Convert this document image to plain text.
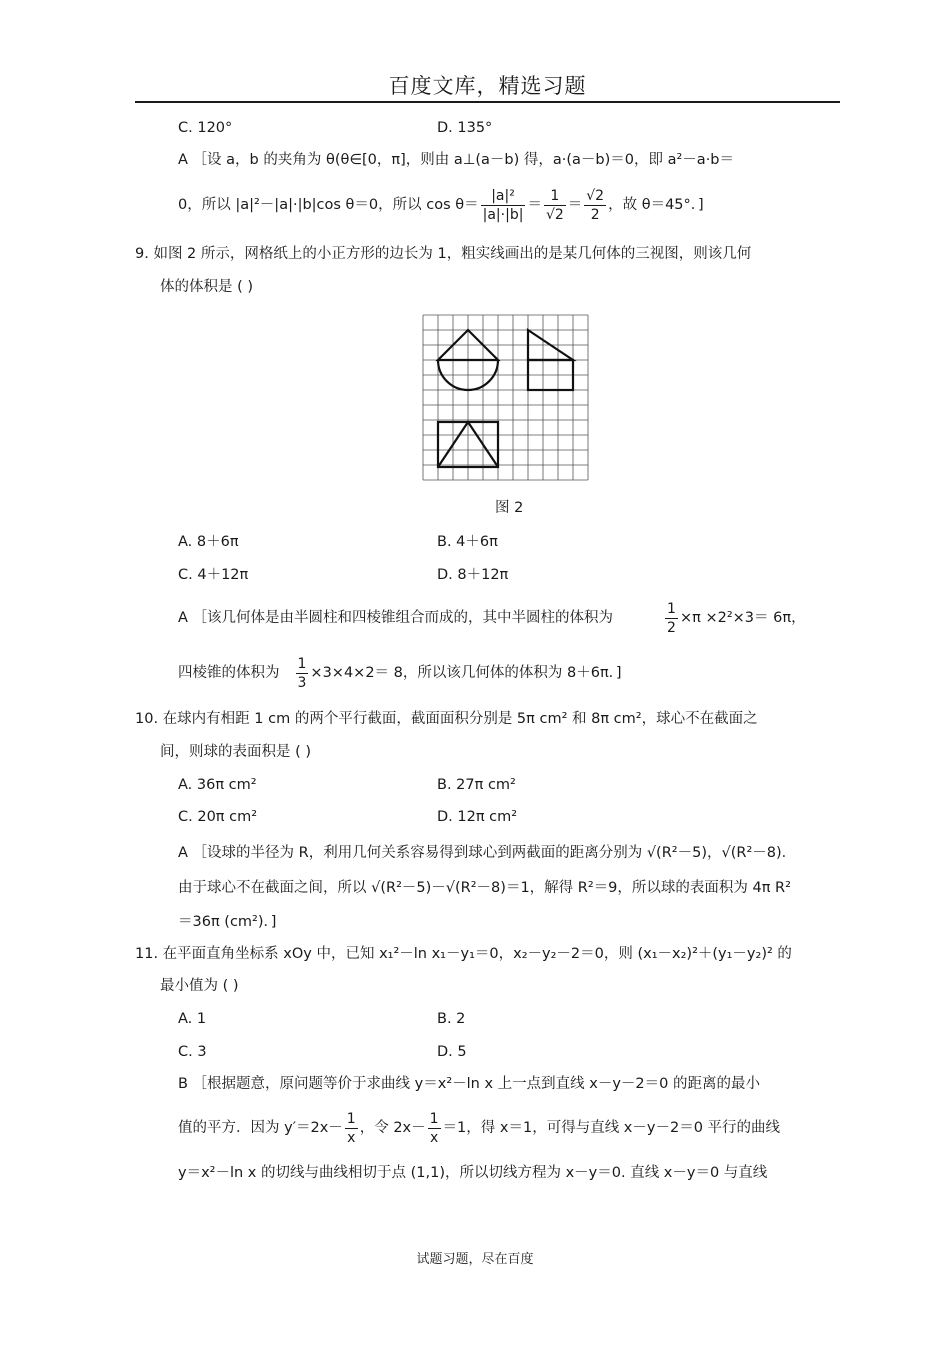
百度文库，精选习题
C. 120°	D. 135°
A ［设 a，b 的夹角为 θ(θ∈[0，π]，则由 a⊥(a－b) 得，a·(a－b)＝0，即 a²－a·b＝
0，所以 |a|²－|a|·|b|cos θ＝0，所以 $\cos \theta= \frac{\text{|a|²}}{|a|\cdot|b|} = \frac{1}{√2} = \frac{√2}{2}$ ，故 θ＝45°．]
9. 如图 2 所示，网格纸上的小正方形的边长为 1，粗实线画出的是某几何体的三视图，则该几何
体的体积是 ( )
图 2
A. 8＋6π	B. 4＋6π
C. 4＋12π	D. 8＋12π
A ［该几何体是由半圆柱和四棱锥组合而成的，其中半圆柱的体积为	$\frac{1}{2} \times\pi \times 2^2\times 3= 6\pi$，
四棱锥的体积为 $\frac{1}{3} \times 3\times 4\times 2= 8$，所以该几何体的体积为 8＋6π．]
10. 在球内有相距 1 cm 的两个平行截面，截面面积分别是 5π cm² 和 8π cm²，球心不在截面之
间，则球的表面积是 ( )
A. 36π cm²	B. 27π cm²
C. 20π cm²	D. 12π cm²
A ［设球的半径为 R，利用几何关系容易得到球心到两截面的距离分别为 √(R²－5)，√(R²－8)．
由于球心不在截面之间，所以 √(R²－5)－√(R²－8)＝1，解得 R²＝9，所以球的表面积为 4π R²
＝36π (cm²)．]
11. 在平面直角坐标系 xOy 中，已知 x₁²－ln x₁－y₁＝0，x₂－y₂－2＝0，则 (x₁－x₂)²＋(y₁－y₂)² 的
最小值为 ( )
A. 1	B. 2
C. 3	D. 5
B ［根据题意，原问题等价于求曲线 y＝x²－ln x 上一点到直线 x－y－2＝0 的距离的最小
值的平方．因为 $y'=2x- \frac{1}{x}$ ，令 $2x- \frac{1}{x} =1$，得 x＝1，可得与直线 x－y－2＝0 平行的曲线
y＝x²－ln x 的切线与曲线相切于点 (1,1)，所以切线方程为 x－y＝0. 直线 x－y＝0 与直线
试题习题，尽在百度
